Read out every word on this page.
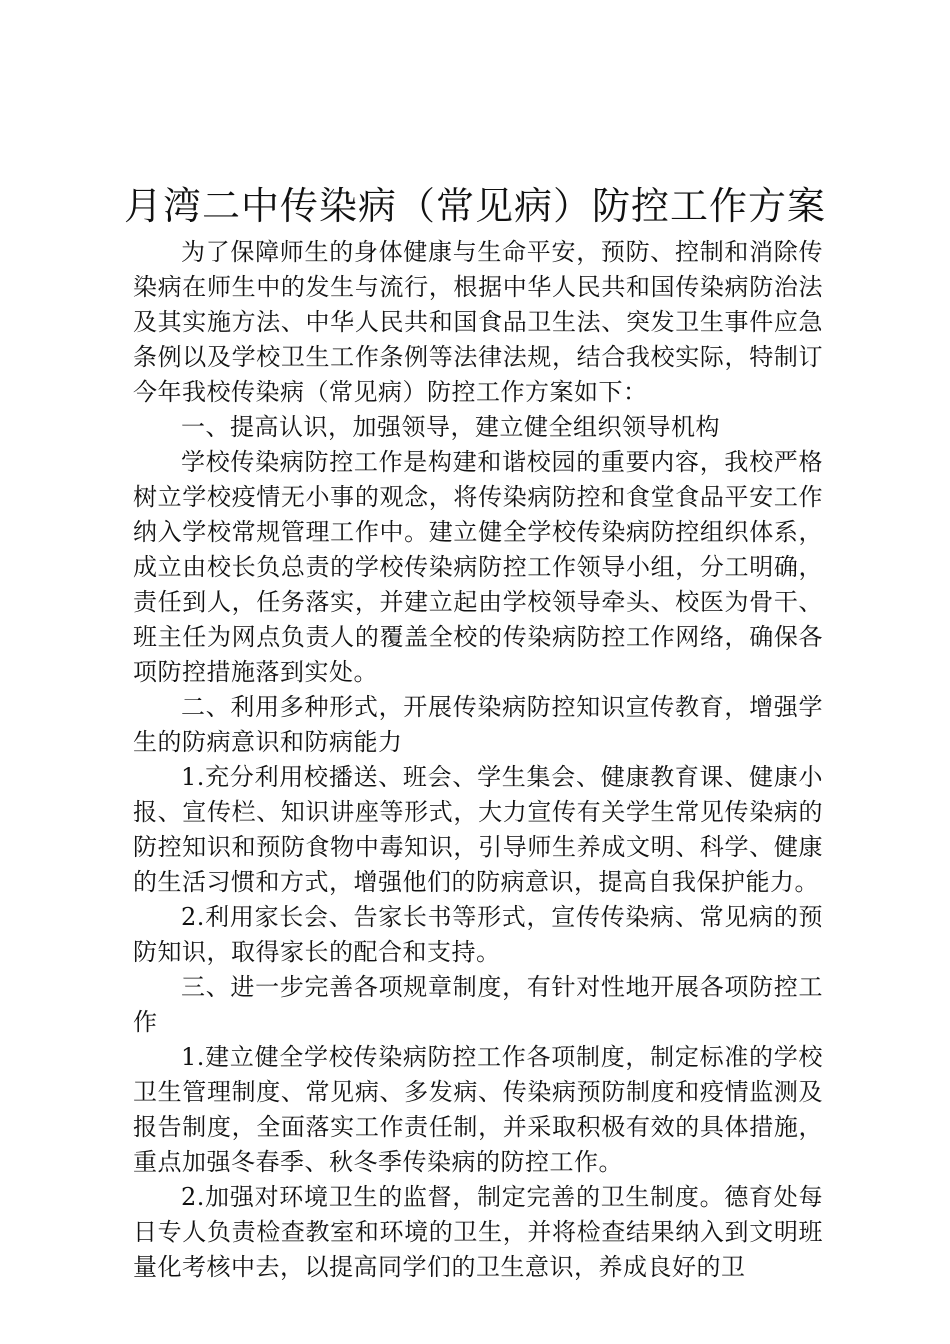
月湾二中传染病（常见病）防控工作方案

为了保障师生的身体健康与生命平安，预防、控制和消除传染病在师生中的发生与流行，根据中华人民共和国传染病防治法及其实施方法、中华人民共和国食品卫生法、突发卫生事件应急条例以及学校卫生工作条例等法律法规，结合我校实际，特制订今年我校传染病（常见病）防控工作方案如下：

一、提高认识，加强领导，建立健全组织领导机构

学校传染病防控工作是构建和谐校园的重要内容，我校严格树立学校疫情无小事的观念，将传染病防控和食堂食品平安工作纳入学校常规管理工作中。建立健全学校传染病防控组织体系，成立由校长负总责的学校传染病防控工作领导小组，分工明确，责任到人，任务落实，并建立起由学校领导牵头、校医为骨干、班主任为网点负责人的覆盖全校的传染病防控工作网络，确保各项防控措施落到实处。

二、利用多种形式，开展传染病防控知识宣传教育，增强学生的防病意识和防病能力

1.充分利用校播送、班会、学生集会、健康教育课、健康小报、宣传栏、知识讲座等形式，大力宣传有关学生常见传染病的防控知识和预防食物中毒知识，引导师生养成文明、科学、健康的生活习惯和方式，增强他们的防病意识，提高自我保护能力。

2.利用家长会、告家长书等形式，宣传传染病、常见病的预防知识，取得家长的配合和支持。

三、进一步完善各项规章制度，有针对性地开展各项防控工作

1.建立健全学校传染病防控工作各项制度，制定标准的学校卫生管理制度、常见病、多发病、传染病预防制度和疫情监测及报告制度，全面落实工作责任制，并采取积极有效的具体措施，重点加强冬春季、秋冬季传染病的防控工作。

2.加强对环境卫生的监督，制定完善的卫生制度。德育处每日专人负责检查教室和环境的卫生，并将检查结果纳入到文明班量化考核中去，以提高同学们的卫生意识，养成良好的卫
